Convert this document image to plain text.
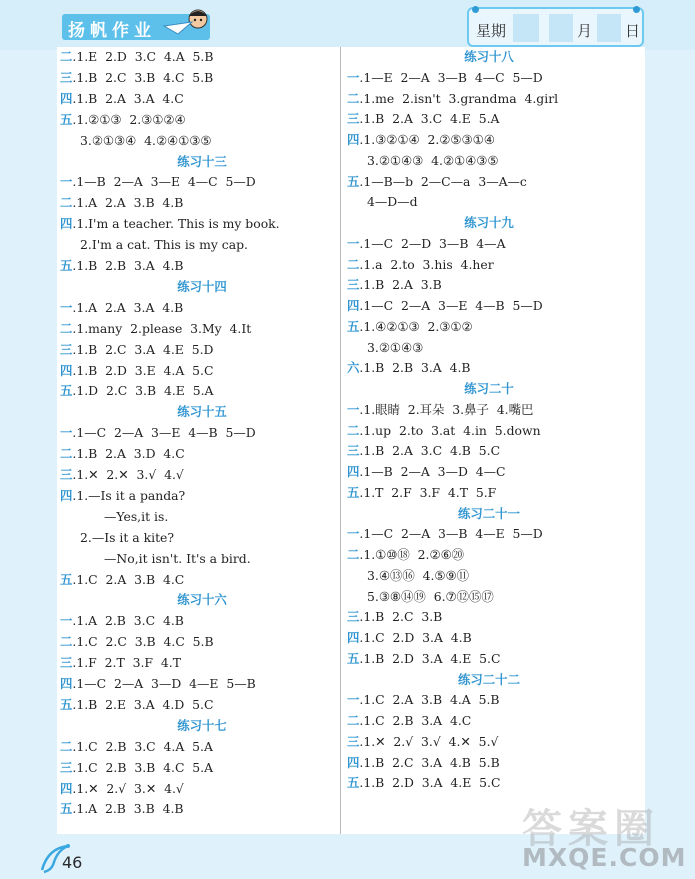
扬帆作业	星期	月 日
二.1.E  2.D  3.C  4.A  5.B
三.1.B  2.C  3.B  4.C  5.B
四.1.B  2.A  3.A  4.C
五.1.②①③  2.③①②④
3.②①③④  4.②④①③⑤
练习十三
一.1—B  2—A  3—E  4—C  5—D
二.1.A  2.A  3.B  4.B
四.1.I'm a teacher. This is my book.
2.I'm a cat. This is my cap.
五.1.B  2.B  3.A  4.B
练习十四
一.1.A  2.A  3.A  4.B
二.1.many  2.please  3.My  4.It
三.1.B  2.C  3.A  4.E  5.D
四.1.B  2.D  3.E  4.A  5.C
五.1.D  2.C  3.B  4.E  5.A
练习十五
一.1—C  2—A  3—E  4—B  5—D
二.1.B  2.A  3.D  4.C
三.1.✕  2.✕  3.√  4.√
四.1.—Is it a panda?
—Yes,it is.
2.—Is it a kite?
—No,it isn't. It's a bird.
五.1.C  2.A  3.B  4.C
练习十六
一.1.A  2.B  3.C  4.B
二.1.C  2.C  3.B  4.C  5.B
三.1.F  2.T  3.F  4.T
四.1—C  2—A  3—D  4—E  5—B
五.1.B  2.E  3.A  4.D  5.C
练习十七
二.1.C  2.B  3.C  4.A  5.A
三.1.C  2.B  3.B  4.C  5.A
四.1.✕  2.√  3.✕  4.√
五.1.A  2.B  3.B  4.B
练习十八
一.1—E  2—A  3—B  4—C  5—D
二.1.me  2.isn't  3.grandma  4.girl
三.1.B  2.A  3.C  4.E  5.A
四.1.③②①④  2.②⑤③①④
3.②①④③  4.②①④③⑤
五.1—B—b  2—C—a  3—A—c
4—D—d
练习十九
一.1—C  2—D  3—B  4—A
二.1.a  2.to  3.his  4.her
三.1.B  2.A  3.B
四.1—C  2—A  3—E  4—B  5—D
五.1.④②①③  2.③①②
3.②①④③
六.1.B  2.B  3.A  4.B
练习二十
一.1.眼睛  2.耳朵  3.鼻子  4.嘴巴
二.1.up  2.to  3.at  4.in  5.down
三.1.B  2.A  3.C  4.B  5.C
四.1—B  2—A  3—D  4—C
五.1.T  2.F  3.F  4.T  5.F
练习二十一
一.1—C  2—A  3—B  4—E  5—D
二.1.①⑩⑱  2.②⑥⑳
3.④⑬⑯  4.⑤⑨⑪
5.③⑧⑭⑲  6.⑦⑫⑮⑰
三.1.B  2.C  3.B
四.1.C  2.D  3.A  4.B
五.1.B  2.D  3.A  4.E  5.C
练习二十二
一.1.C  2.A  3.B  4.A  5.B
二.1.C  2.B  3.A  4.C
三.1.✕  2.√  3.√  4.✕  5.√
四.1.B  2.C  3.A  4.B  5.B
五.1.B  2.D  3.A  4.E  5.C
46
答案圈
MXQE.COM
